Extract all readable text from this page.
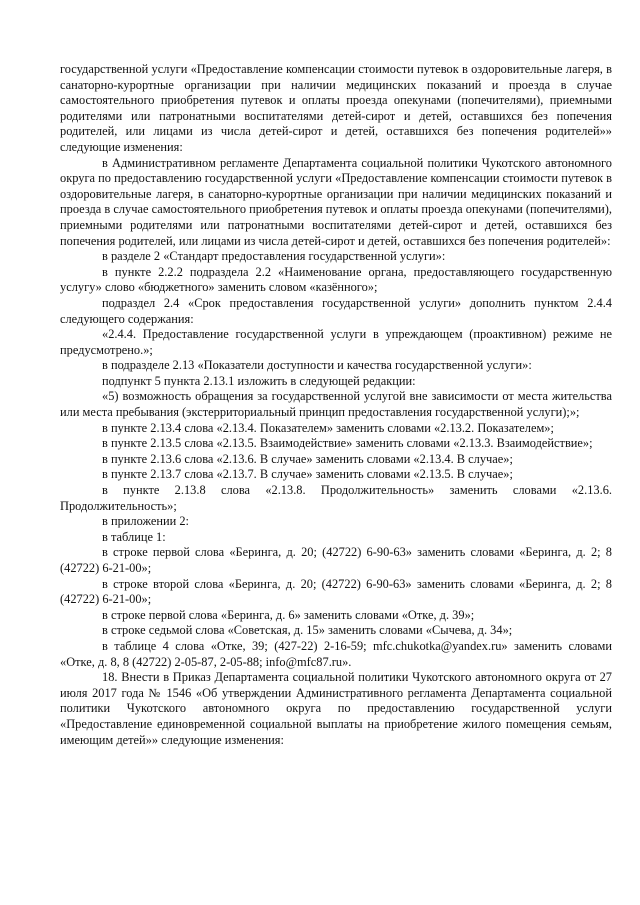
государственной услуги «Предоставление компенсации стоимости путевок в оздоровительные лагеря, в санаторно-курортные организации при наличии медицинских показаний и проезда в случае самостоятельного приобретения путевок и оплаты проезда опекунами (попечителями), приемными родителями или патронатными воспитателями детей-сирот и детей, оставшихся без попечения родителей, или лицами из числа детей-сирот и детей, оставшихся без попечения родителей»» следующие изменения:

в Административном регламенте Департамента социальной политики Чукотского автономного округа по предоставлению государственной услуги «Предоставление компенсации стоимости путевок в оздоровительные лагеря, в санаторно-курортные организации при наличии медицинских показаний и проезда в случае самостоятельного приобретения путевок и оплаты проезда опекунами (попечителями), приемными родителями или патронатными воспитателями детей-сирот и детей, оставшихся без попечения родителей, или лицами из числа детей-сирот и детей, оставшихся без попечения родителей»:

в разделе 2 «Стандарт предоставления государственной услуги»:

в пункте 2.2.2 подраздела 2.2 «Наименование органа, предоставляющего государственную услугу» слово «бюджетного» заменить словом «казённого»;

подраздел 2.4 «Срок предоставления государственной услуги» дополнить пунктом 2.4.4 следующего содержания:

«2.4.4. Предоставление государственной услуги в упреждающем (проактивном) режиме не предусмотрено.»;

в подразделе 2.13 «Показатели доступности и качества государственной услуги»:

подпункт 5 пункта 2.13.1 изложить в следующей редакции:

«5) возможность обращения за государственной услугой вне зависимости от места жительства или места пребывания (экстерриториальный принцип предоставления государственной услуги);»;

в пункте 2.13.4 слова «2.13.4. Показателем» заменить словами «2.13.2. Показателем»;

в пункте 2.13.5 слова «2.13.5. Взаимодействие» заменить словами «2.13.3. Взаимодействие»;

в пункте 2.13.6 слова «2.13.6. В случае» заменить словами «2.13.4. В случае»;

в пункте 2.13.7 слова «2.13.7. В случае» заменить словами «2.13.5. В случае»;

в пункте 2.13.8 слова «2.13.8. Продолжительность» заменить словами «2.13.6. Продолжительность»;

в приложении 2:

в таблице 1:

в строке первой слова «Беринга, д. 20; (42722) 6-90-63» заменить словами «Беринга, д. 2; 8 (42722) 6-21-00»;

в строке второй слова «Беринга, д. 20; (42722) 6-90-63» заменить словами «Беринга, д. 2; 8 (42722) 6-21-00»;

в строке первой слова «Беринга, д. 6» заменить словами «Отке, д. 39»;

в строке седьмой слова «Советская, д. 15» заменить словами «Сычева, д. 34»;

в таблице 4 слова «Отке, 39; (427-22) 2-16-59; mfc.chukotka@yandex.ru» заменить словами «Отке, д. 8, 8 (42722) 2-05-87, 2-05-88; info@mfc87.ru».

18. Внести в Приказ Департамента социальной политики Чукотского автономного округа от 27 июля 2017 года № 1546 «Об утверждении Административного регламента Департамента социальной политики Чукотского автономного округа по предоставлению государственной услуги «Предоставление единовременной социальной выплаты на приобретение жилого помещения семьям, имеющим детей»» следующие изменения:
